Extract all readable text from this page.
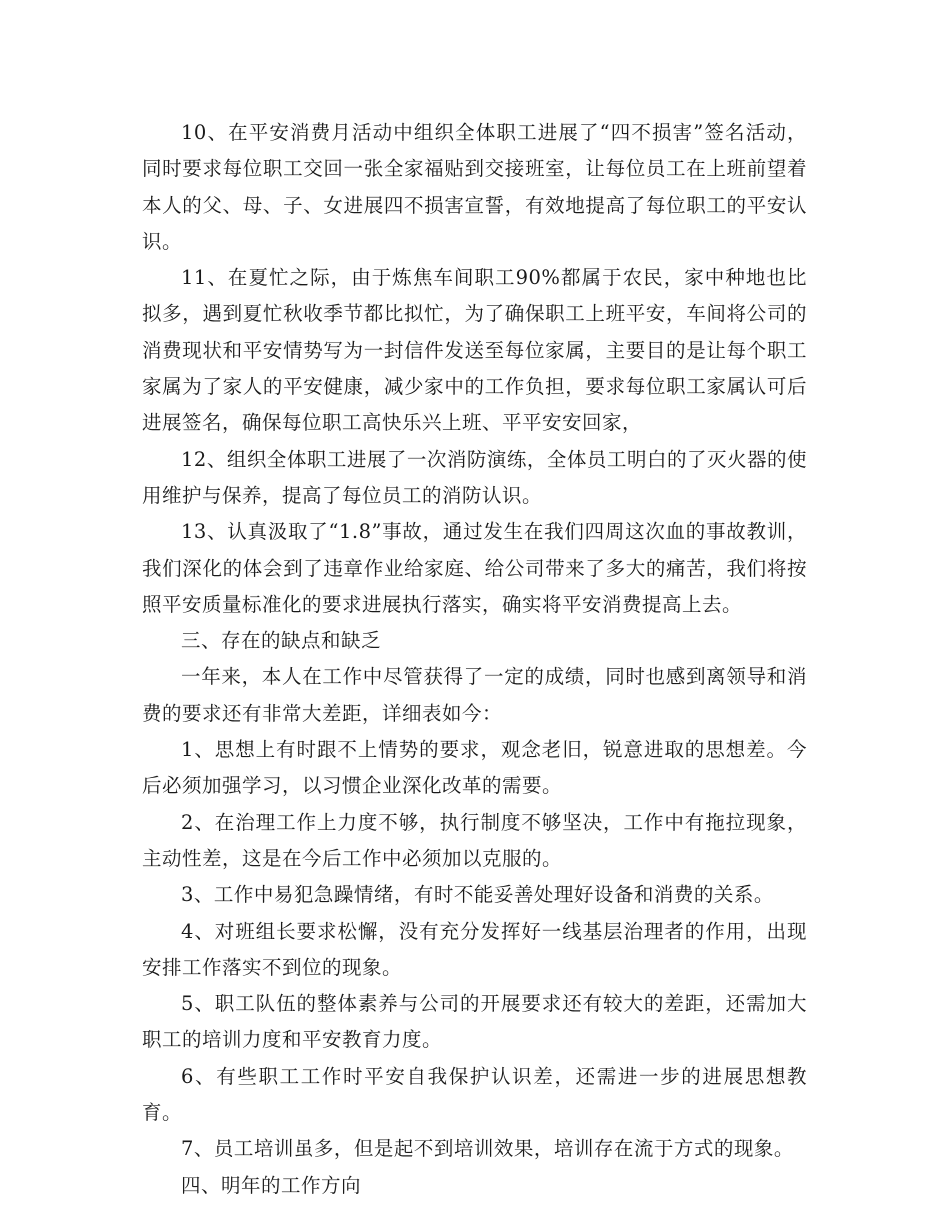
10、在平安消费月活动中组织全体职工进展了“四不损害”签名活动，同时要求每位职工交回一张全家福贴到交接班室，让每位员工在上班前望着本人的父、母、子、女进展四不损害宣誓，有效地提高了每位职工的平安认识。

11、在夏忙之际，由于炼焦车间职工90%都属于农民，家中种地也比拟多，遇到夏忙秋收季节都比拟忙，为了确保职工上班平安，车间将公司的消费现状和平安情势写为一封信件发送至每位家属，主要目的是让每个职工家属为了家人的平安健康，减少家中的工作负担，要求每位职工家属认可后进展签名，确保每位职工高快乐兴上班、平平安安回家，

12、组织全体职工进展了一次消防演练，全体员工明白的了灭火器的使用维护与保养，提高了每位员工的消防认识。

13、认真汲取了“1.8”事故，通过发生在我们四周这次血的事故教训，我们深化的体会到了违章作业给家庭、给公司带来了多大的痛苦，我们将按照平安质量标准化的要求进展执行落实，确实将平安消费提高上去。

三、存在的缺点和缺乏

一年来，本人在工作中尽管获得了一定的成绩，同时也感到离领导和消费的要求还有非常大差距，详细表如今：

1、思想上有时跟不上情势的要求，观念老旧，锐意进取的思想差。今后必须加强学习，以习惯企业深化改革的需要。

2、在治理工作上力度不够，执行制度不够坚决，工作中有拖拉现象，主动性差，这是在今后工作中必须加以克服的。

3、工作中易犯急躁情绪，有时不能妥善处理好设备和消费的关系。

4、对班组长要求松懈，没有充分发挥好一线基层治理者的作用，出现安排工作落实不到位的现象。

5、职工队伍的整体素养与公司的开展要求还有较大的差距，还需加大职工的培训力度和平安教育力度。

6、有些职工工作时平安自我保护认识差，还需进一步的进展思想教育。

7、员工培训虽多，但是起不到培训效果，培训存在流于方式的现象。

四、明年的工作方向
